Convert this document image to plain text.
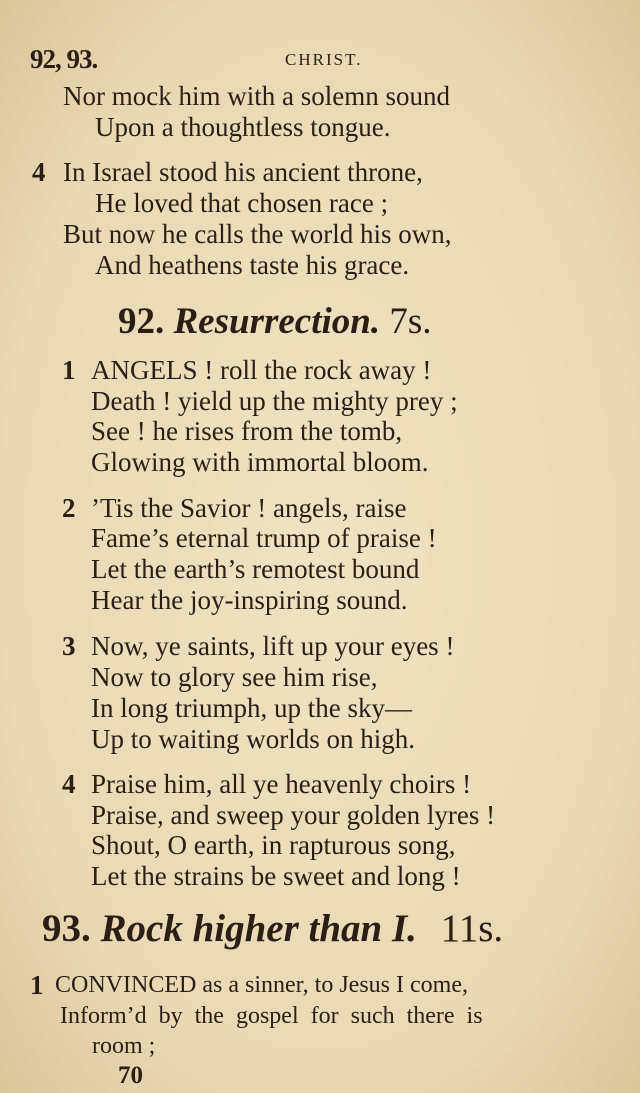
92, 93.	CHRIST.
Nor mock him with a solemn sound
Upon a thoughtless tongue.
4 In Israel stood his ancient throne,
He loved that chosen race ;
But now he calls the world his own,
And heathens taste his grace.
92. Resurrection. 7s.
1 ANGELS ! roll the rock away !
Death ! yield up the mighty prey ;
See ! he rises from the tomb,
Glowing with immortal bloom.
2 ’Tis the Savior ! angels, raise
Fame’s eternal trump of praise !
Let the earth’s remotest bound
Hear the joy-inspiring sound.
3 Now, ye saints, lift up your eyes !
Now to glory see him rise,
In long triumph, up the sky—
Up to waiting worlds on high.
4 Praise him, all ye heavenly choirs !
Praise, and sweep your golden lyres !
Shout, O earth, in rapturous song,
Let the strains be sweet and long !
93. Rock higher than I. 11s.
1 CONVINCED as a sinner, to Jesus I come,
Inform’d by the gospel for such there is
room ;
70
